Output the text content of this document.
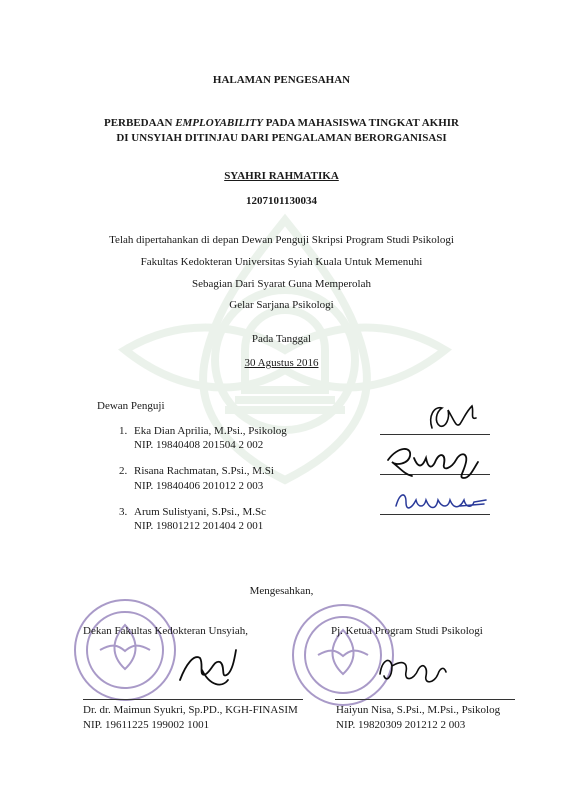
HALAMAN PENGESAHAN
PERBEDAAN EMPLOYABILITY PADA MAHASISWA TINGKAT AKHIR
DI UNSYIAH DITINJAU DARI PENGALAMAN BERORGANISASI
SYAHRI RAHMATIKA
1207101130034
Telah dipertahankan di depan Dewan Penguji Skripsi Program Studi Psikologi
Fakultas Kedokteran Universitas Syiah Kuala Untuk Memenuhi
Sebagian Dari Syarat Guna Memperolah
Gelar Sarjana Psikologi
Pada Tanggal
30 Agustus 2016
Dewan Penguji
1. Eka Dian Aprilia, M.Psi., Psikolog
NIP. 19840408 201504 2 002
2. Risana Rachmatan, S.Psi., M.Si
NIP. 19840406 201012 2 003
3. Arum Sulistyani, S.Psi., M.Sc
NIP. 19801212 201404 2 001
Mengesahkan,
Dekan Fakultas Kedokteran Unsyiah,	Pj. Ketua Program Studi Psikologi
Dr. dr. Maimun Syukri, Sp.PD., KGH-FINASIM
NIP. 19611225 199002 1001
Haiyun Nisa, S.Psi., M.Psi., Psikolog
NIP. 19820309 201212 2 003
